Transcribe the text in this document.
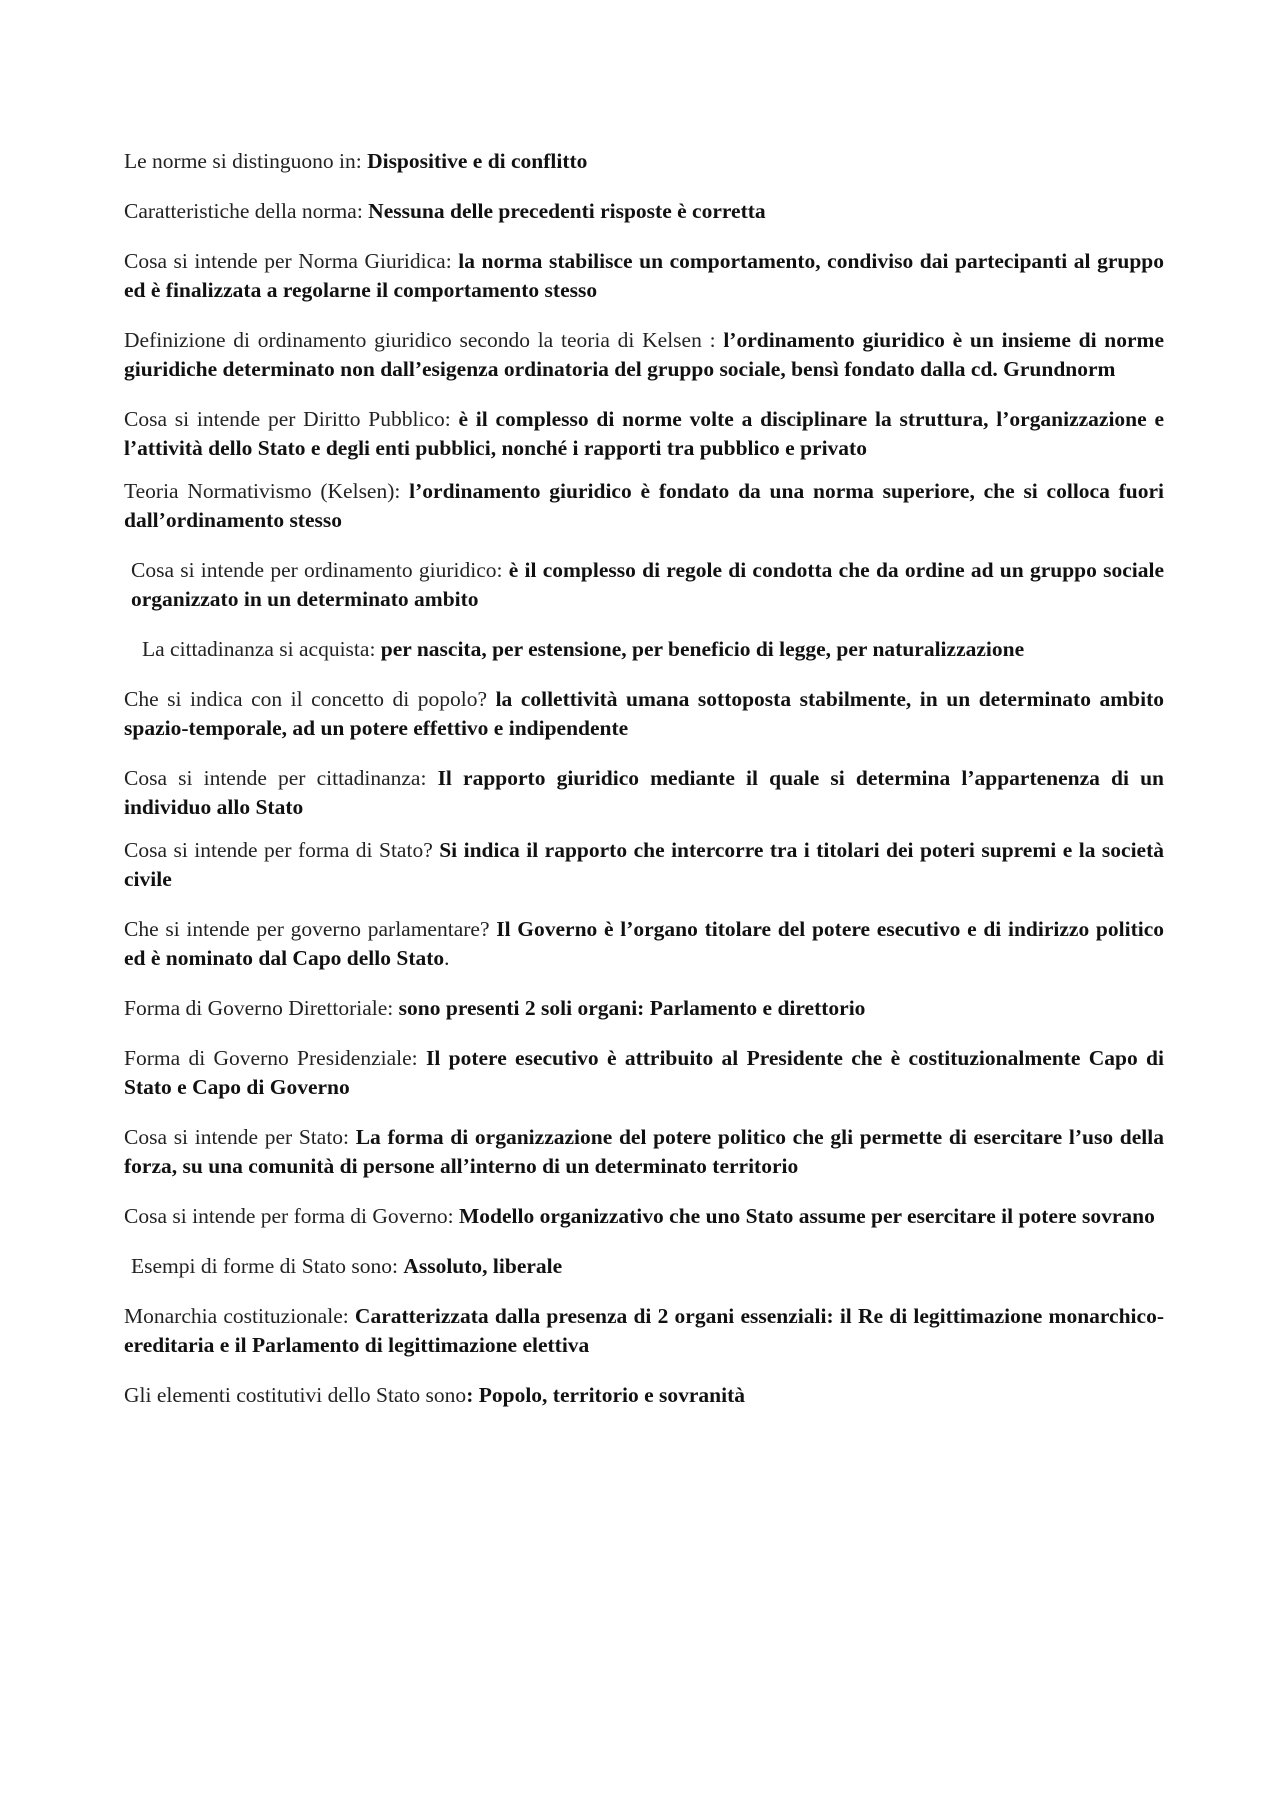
Le norme si distinguono in: Dispositive e di conflitto

Caratteristiche della norma: Nessuna delle precedenti risposte è corretta

Cosa si intende per Norma Giuridica: la norma stabilisce un comportamento, condiviso dai partecipanti al gruppo ed è finalizzata a regolarne il comportamento stesso

Definizione di ordinamento giuridico secondo la teoria di Kelsen : l’ordinamento giuridico è un insieme di norme giuridiche determinato non dall’esigenza ordinatoria del gruppo sociale, bensì fondato dalla cd. Grundnorm

Cosa si intende per Diritto Pubblico: è il complesso di norme volte a disciplinare la struttura, l’organizzazione e l’attività dello Stato e degli enti pubblici, nonché i rapporti tra pubblico e privato

Teoria Normativismo (Kelsen): l’ordinamento giuridico è fondato da una norma superiore, che si colloca fuori dall’ordinamento stesso

Cosa si intende per ordinamento giuridico: è il complesso di regole di condotta che da ordine ad un gruppo sociale organizzato in un determinato ambito

La cittadinanza si acquista: per nascita, per estensione, per beneficio di legge, per naturalizzazione

Che si indica con il concetto di popolo? la collettività umana sottoposta stabilmente, in un determinato ambito spazio-temporale, ad un potere effettivo e indipendente

Cosa si intende per cittadinanza: Il rapporto giuridico mediante il quale si determina l’appartenenza di un individuo allo Stato

Cosa si intende per forma di Stato? Si indica il rapporto che intercorre tra i titolari dei poteri supremi e la società civile

Che si intende per governo parlamentare? Il Governo è l’organo titolare del potere esecutivo e di indirizzo politico ed è nominato dal Capo dello Stato.

Forma di Governo Direttoriale: sono presenti 2 soli organi: Parlamento e direttorio

Forma di Governo Presidenziale: Il potere esecutivo è attribuito al Presidente che è costituzionalmente Capo di Stato e Capo di Governo

Cosa si intende per Stato: La forma di organizzazione del potere politico che gli permette di esercitare l’uso della forza, su una comunità di persone all’interno di un determinato territorio

Cosa si intende per forma di Governo: Modello organizzativo che uno Stato assume per esercitare il potere sovrano

Esempi di forme di Stato sono: Assoluto, liberale

Monarchia costituzionale: Caratterizzata dalla presenza di 2 organi essenziali: il Re di legittimazione monarchico-ereditaria e il Parlamento di legittimazione elettiva

Gli elementi costitutivi dello Stato sono: Popolo, territorio e sovranità
